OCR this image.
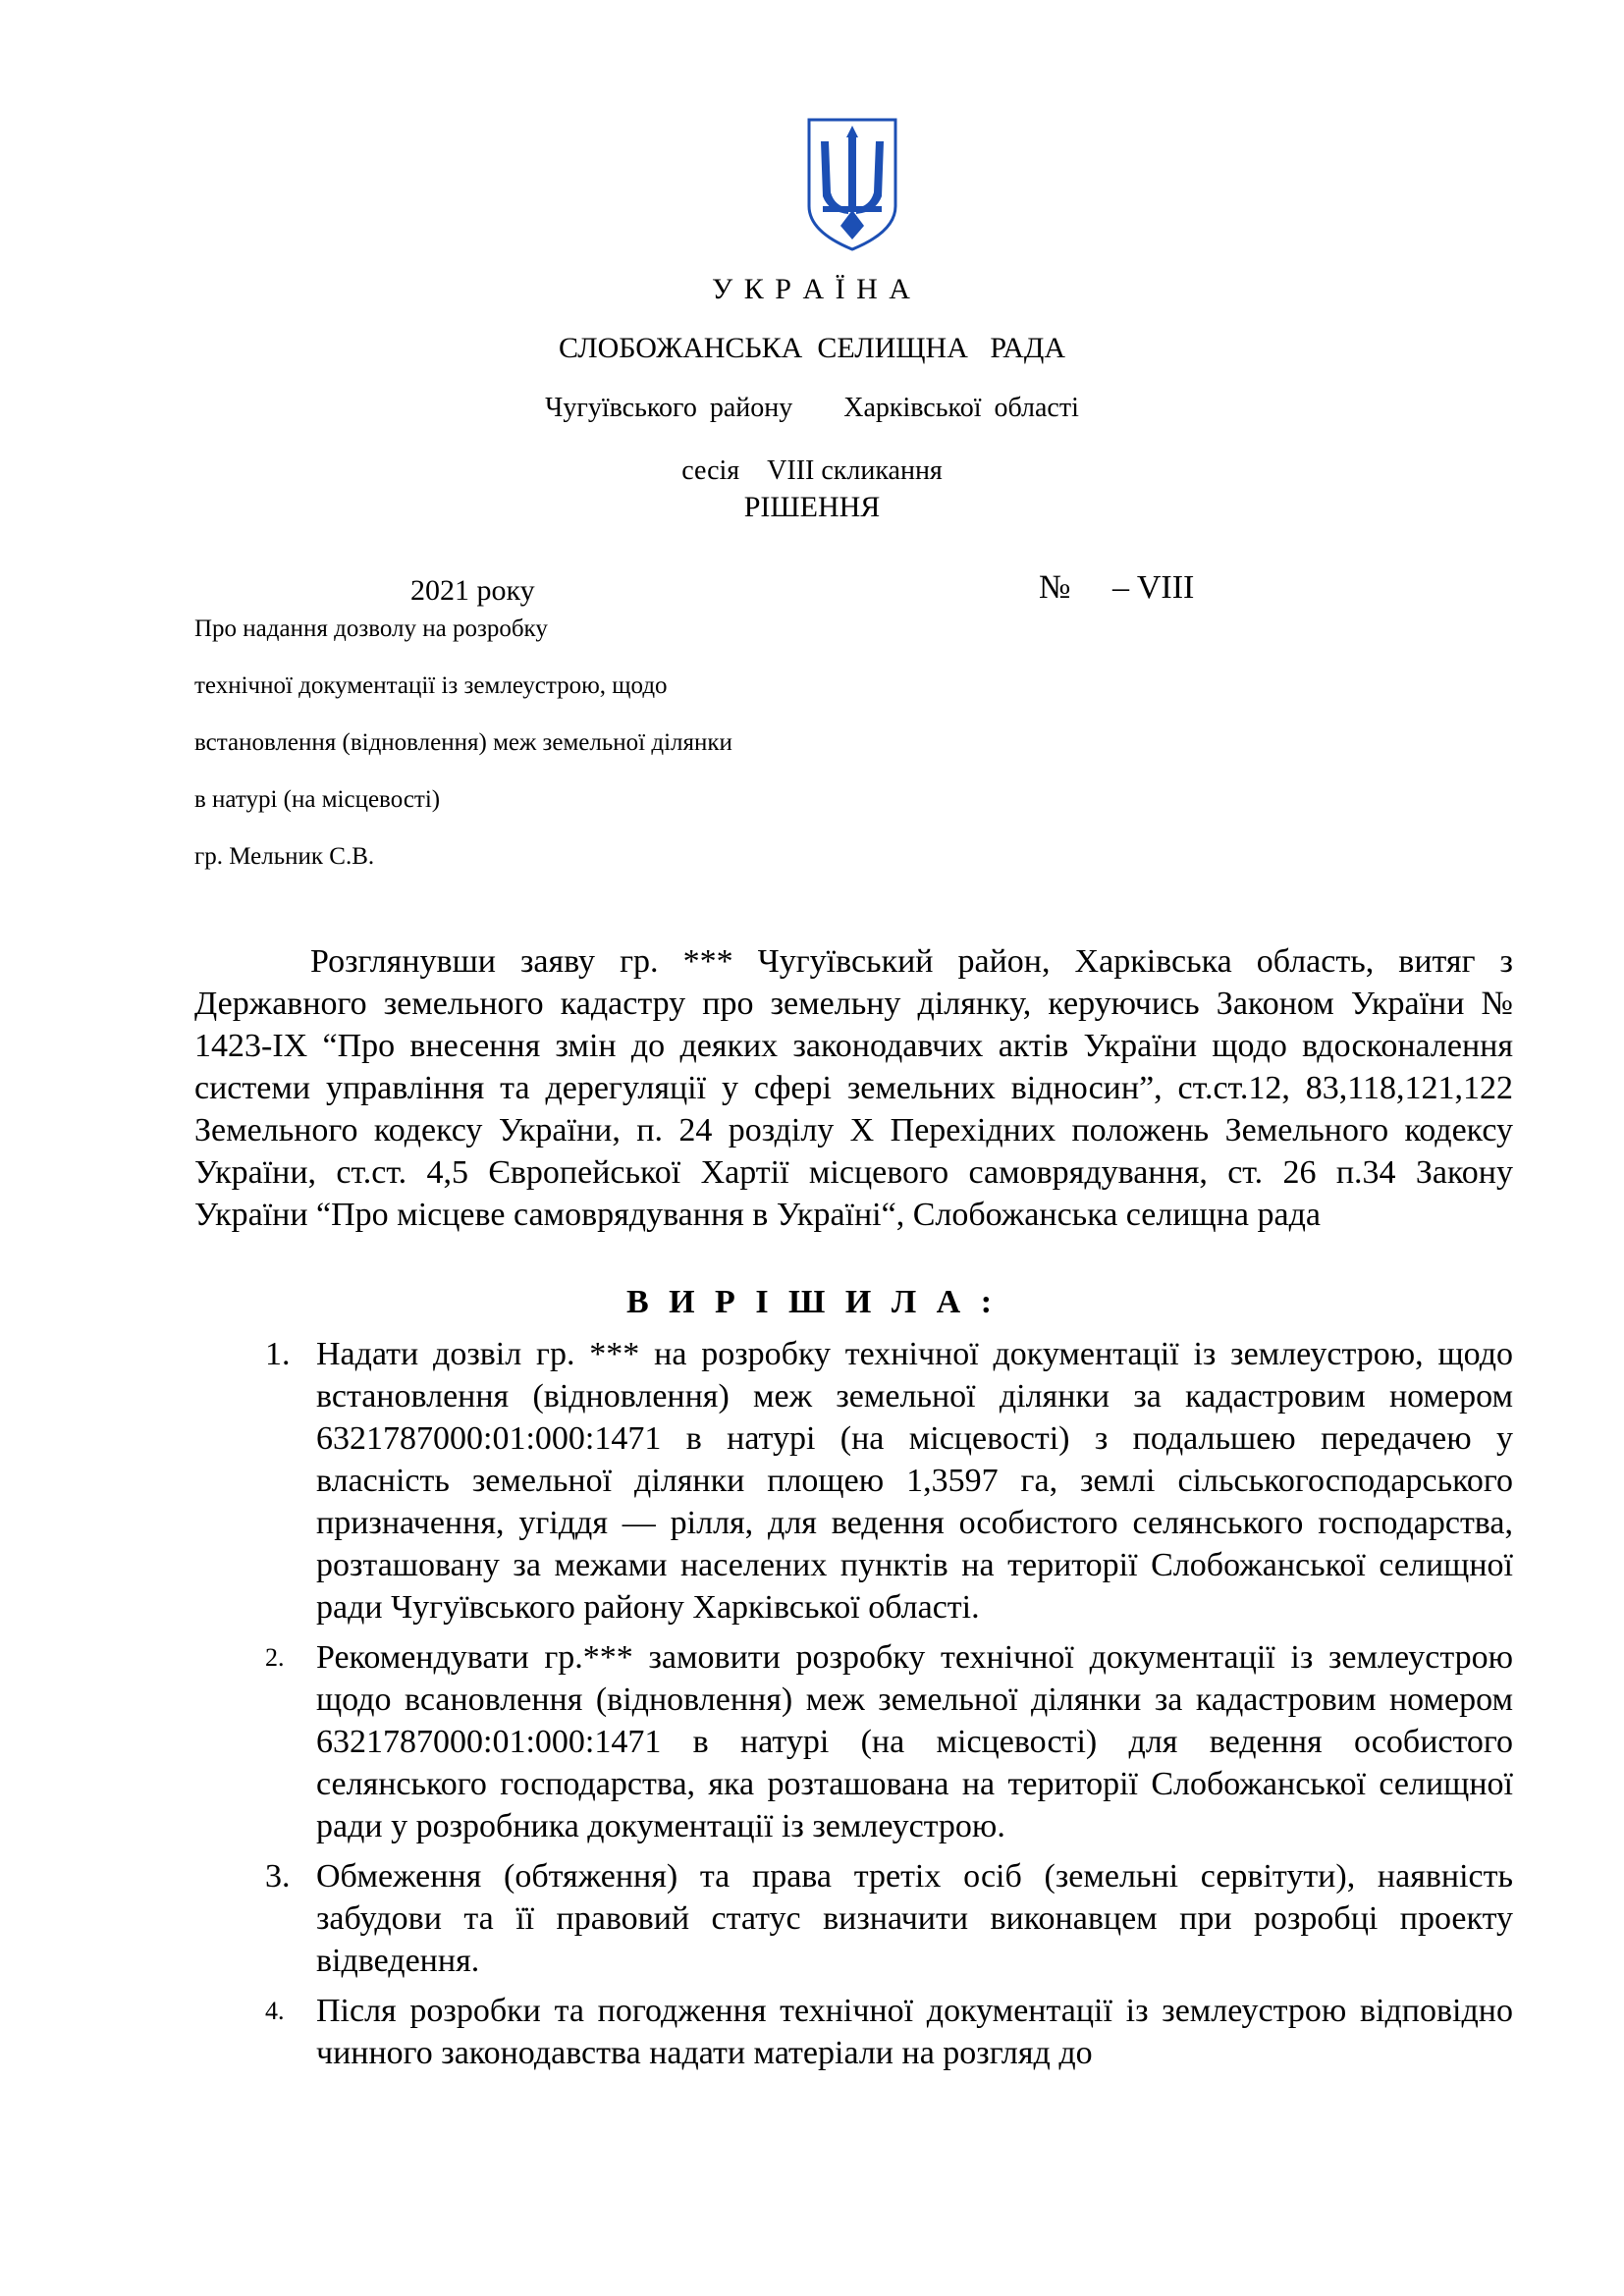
У К Р А Ї Н А
СЛОБОЖАНСЬКА  СЕЛИЩНА   РАДА
Чугуївського району    Харківської області
сесія    VIII скликання
РІШЕННЯ
2021 року	№     – VIII
Про надання дозволу на розробку
технічної документації із землеустрою, щодо
встановлення (відновлення) меж земельної ділянки
в натурі (на місцевості)
гр. Мельник С.В.
Розглянувши заяву гр. *** Чугуївський район, Харківська область, витяг з Державного земельного кадастру про земельну ділянку, керуючись Законом України № 1423-ІХ “Про внесення змін до деяких законодавчих актів України щодо вдосконалення системи управління та дерегуляції у сфері земельних відносин”, ст.ст.12, 83,118,121,122 Земельного кодексу України, п. 24 розділу Х Перехідних положень Земельного кодексу України, ст.ст. 4,5 Європейської Хартії місцевого самоврядування, ст. 26 п.34 Закону України “Про місцеве самоврядування в Україні“, Слобожанська селищна рада
В И Р І Ш И Л А :
1. Надати дозвіл гр. *** на розробку технічної документації із землеустрою, щодо встановлення (відновлення) меж земельної ділянки за кадастровим номером 6321787000:01:000:1471 в натурі (на місцевості) з подальшею передачею у власність земельної ділянки площею 1,3597 га, землі сільськогосподарського призначення, угіддя — рілля, для ведення особистого селянського господарства, розташовану за межами населених пунктів на території Слобожанської селищної ради Чугуївського району Харківської області.
2. Рекомендувати гр.*** замовити розробку технічної документації із землеустрою щодо всановлення (відновлення) меж земельної ділянки за кадастровим номером 6321787000:01:000:1471 в натурі (на місцевості) для ведення особистого селянського господарства, яка розташована на території Слобожанської селищної ради у розробника документації із землеустрою.
3. Обмеження (обтяження) та права третіх осіб (земельні сервітути), наявність забудови та її правовий статус визначити виконавцем при розробці проекту відведення.
4. Після розробки та погодження технічної документації із землеустрою відповідно чинного законодавства надати матеріали на розгляд до
